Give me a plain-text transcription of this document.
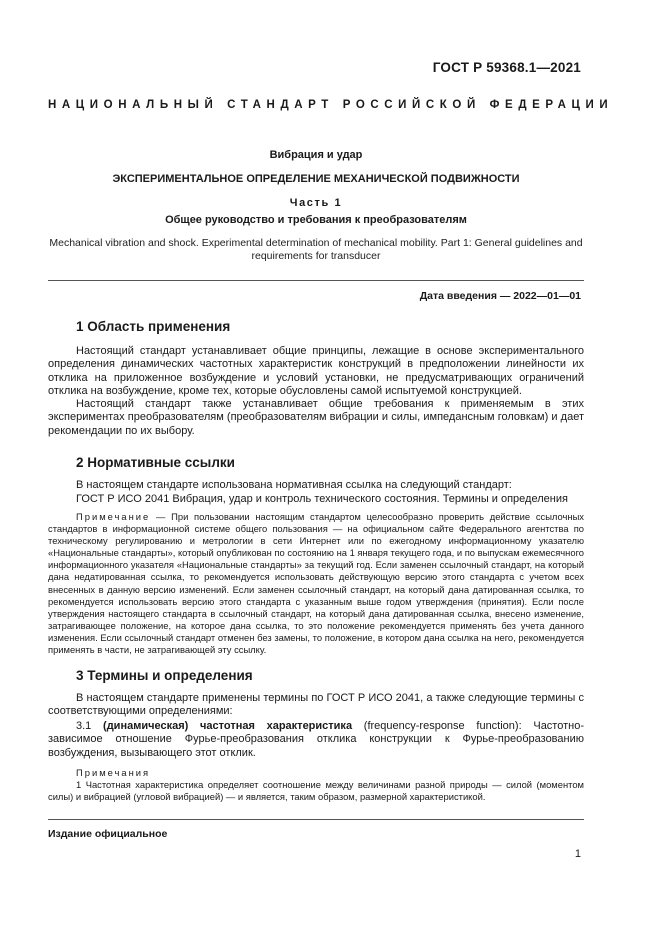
ГОСТ Р 59368.1—2021
НАЦИОНАЛЬНЫЙ СТАНДАРТ РОССИЙСКОЙ ФЕДЕРАЦИИ
Вибрация и удар
ЭКСПЕРИМЕНТАЛЬНОЕ ОПРЕДЕЛЕНИЕ МЕХАНИЧЕСКОЙ ПОДВИЖНОСТИ
Часть 1
Общее руководство и требования к преобразователям
Mechanical vibration and shock. Experimental determination of mechanical mobility. Part 1: General guidelines and requirements for transducer
Дата введения — 2022—01—01
1 Область применения
Настоящий стандарт устанавливает общие принципы, лежащие в основе экспериментального определения динамических частотных характеристик конструкций в предположении линейности их отклика на приложенное возбуждение и условий установки, не предусматривающих ограничений отклика на возбуждение, кроме тех, которые обусловлены самой испытуемой конструкцией.
Настоящий стандарт также устанавливает общие требования к применяемым в этих экспериментах преобразователям (преобразователям вибрации и силы, импедансным головкам) и дает рекомендации по их выбору.
2 Нормативные ссылки
В настоящем стандарте использована нормативная ссылка на следующий стандарт:
ГОСТ Р ИСО 2041 Вибрация, удар и контроль технического состояния. Термины и определения
Примечание — При пользовании настоящим стандартом целесообразно проверить действие ссылочных стандартов в информационной системе общего пользования — на официальном сайте Федерального агентства по техническому регулированию и метрологии в сети Интернет или по ежегодному информационному указателю «Национальные стандарты», который опубликован по состоянию на 1 января текущего года, и по выпускам ежемесячного информационного указателя «Национальные стандарты» за текущий год. Если заменен ссылочный стандарт, на который дана недатированная ссылка, то рекомендуется использовать действующую версию этого стандарта с учетом всех внесенных в данную версию изменений. Если заменен ссылочный стандарт, на который дана датированная ссылка, то рекомендуется использовать версию этого стандарта с указанным выше годом утверждения (принятия). Если после утверждения настоящего стандарта в ссылочный стандарт, на который дана датированная ссылка, внесено изменение, затрагивающее положение, на которое дана ссылка, то это положение рекомендуется применять без учета данного изменения. Если ссылочный стандарт отменен без замены, то положение, в котором дана ссылка на него, рекомендуется применять в части, не затрагивающей эту ссылку.
3 Термины и определения
В настоящем стандарте применены термины по ГОСТ Р ИСО 2041, а также следующие термины с соответствующими определениями:
3.1 (динамическая) частотная характеристика (frequency-response function): Частотно-зависимое отношение Фурье-преобразования отклика конструкции к Фурье-преобразованию возбуждения, вызывающего этот отклик.
Примечания
1 Частотная характеристика определяет соотношение между величинами разной природы — силой (моментом силы) и вибрацией (угловой вибрацией) — и является, таким образом, размерной характеристикой.
Издание официальное
1
